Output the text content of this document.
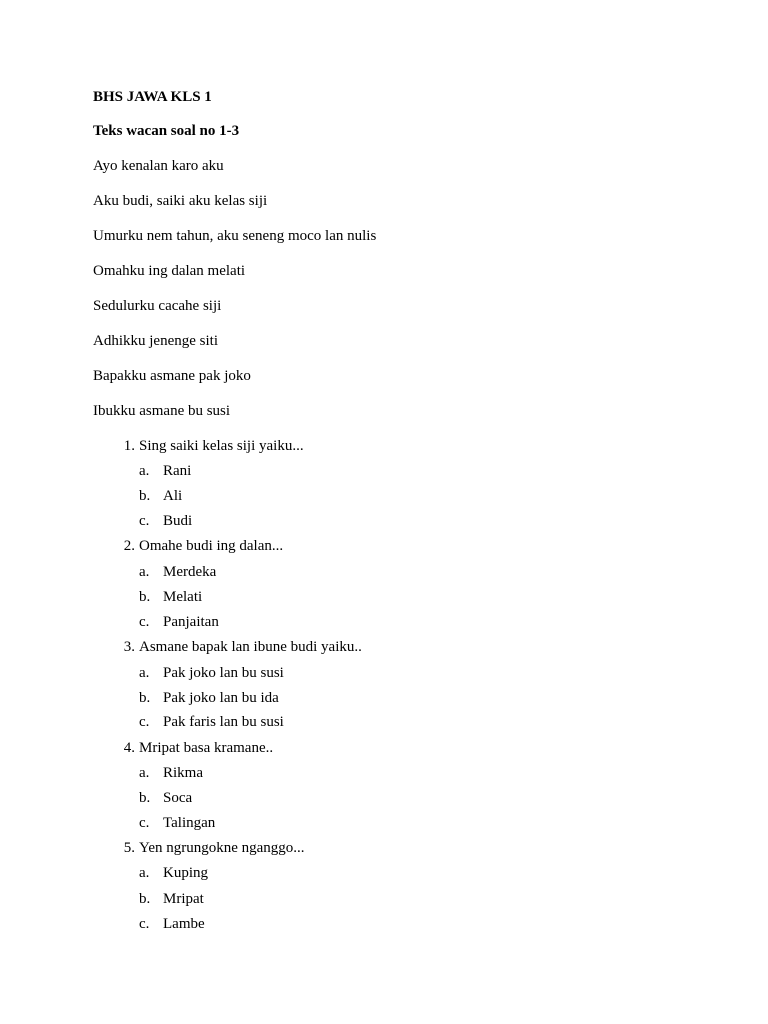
BHS JAWA KLS 1
Teks wacan soal no 1-3
Ayo kenalan karo aku
Aku budi, saiki aku kelas siji
Umurku nem tahun, aku seneng moco lan nulis
Omahku ing dalan melati
Sedulurku cacahe siji
Adhikku jenenge siti
Bapakku asmane pak joko
Ibukku asmane bu susi
1. Sing saiki kelas siji yaiku...
a. Rani
b. Ali
c. Budi
2. Omahe budi ing dalan...
a. Merdeka
b. Melati
c. Panjaitan
3. Asmane bapak lan ibune budi yaiku..
a. Pak joko lan bu susi
b. Pak joko lan bu ida
c. Pak faris lan bu susi
4. Mripat basa kramane..
a. Rikma
b. Soca
c. Talingan
5. Yen ngrungokne nganggo...
a. Kuping
b. Mripat
c. Lambe
